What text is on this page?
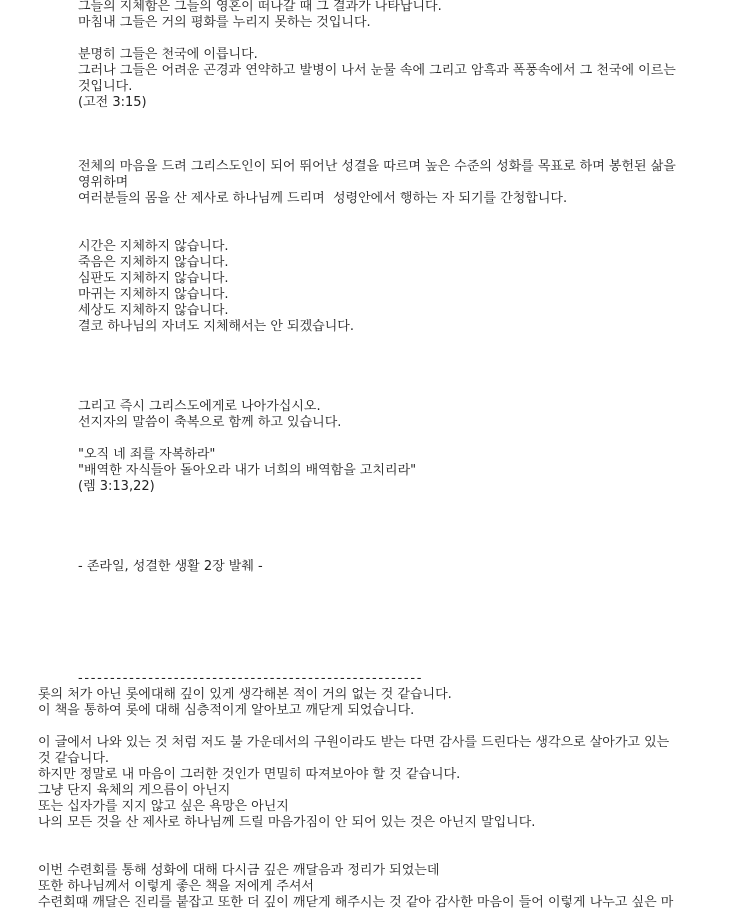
그들의 지체함은 그들의 영혼이 떠나갈 때 그 결과가 나타납니다.
마침내 그들은 거의 평화를 누리지 못하는 것입니다.
분명히 그들은 천국에 이릅니다.
그러나 그들은 어려운 곤경과 연약하고 발병이 나서 눈물 속에 그리고 암흑과 폭풍속에서 그 천국에 이르는
것입니다.
(고전 3:15)
전체의 마음을 드려 그리스도인이 되어 뛰어난 성결을 따르며 높은 수준의 성화를 목표로 하며 봉헌된 삶을
영위하며
여러분들의 몸을 산 제사로 하나님께 드리며  성령안에서 행하는 자 되기를 간청합니다.
시간은 지체하지 않습니다.
죽음은 지체하지 않습니다.
심판도 지체하지 않습니다.
마귀는 지체하지 않습니다.
세상도 지체하지 않습니다.
결코 하나님의 자녀도 지체해서는 안 되겠습니다.
그리고 즉시 그리스도에게로 나아가십시오.
선지자의 말씀이 축복으로 함께 하고 있습니다.
"오직 네 죄를 자복하라"
"배역한 자식들아 돌아오라 내가 너희의 배역함을 고치리라"
(렘 3:13,22)
- 존라일, 성결한 생활 2장 발췌 -
------------------------------------------------------
롯의 처가 아닌 롯에대해 깊이 있게 생각해본 적이 거의 없는 것 같습니다.
이 책을 통하여 롯에 대해 심층적이게 알아보고 깨닫게 되었습니다.
이 글에서 나와 있는 것 처럼 저도 불 가운데서의 구원이라도 받는 다면 감사를 드린다는 생각으로 살아가고 있는
것 같습니다.
하지만 정말로 내 마음이 그러한 것인가 면밀히 따져보아야 할 것 같습니다.
그냥 단지 육체의 게으름이 아닌지
또는 십자가를 지지 않고 싶은 욕망은 아닌지
나의 모든 것을 산 제사로 하나님께 드릴 마음가짐이 안 되어 있는 것은 아닌지 말입니다.
이번 수련회를 통해 성화에 대해 다시금 깊은 깨달음과 정리가 되었는데
또한 하나님께서 이렇게 좋은 책을 저에게 주셔서
수련회때 깨달은 진리를 붙잡고 또한 더 깊이 깨닫게 해주시는 것 같아 감사한 마음이 들어 이렇게 나누고 싶은 마
